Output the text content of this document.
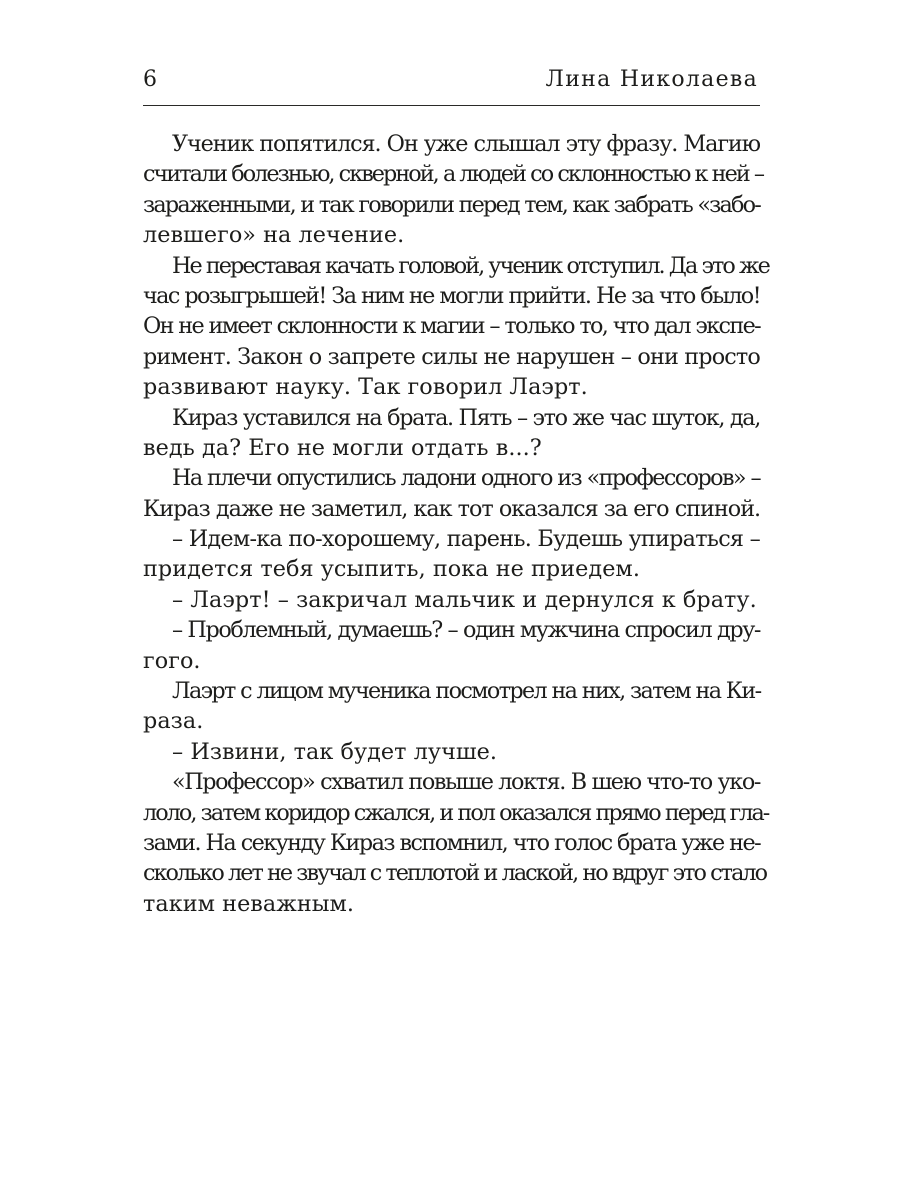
6	Лина Николаева
Ученик попятился. Он уже слышал эту фразу. Магию
считали болезнью, скверной, а людей со склонностью к ней –
зараженными, и так говорили перед тем, как забрать «забо-
левшего» на лечение.
Не переставая качать головой, ученик отступил. Да это же
час розыгрышей! За ним не могли прийти. Не за что было!
Он не имеет склонности к магии – только то, что дал экспе-
римент. Закон о запрете силы не нарушен – они просто
развивают науку. Так говорил Лаэрт.
Кираз уставился на брата. Пять – это же час шуток, да,
ведь да? Его не могли отдать в...?
На плечи опустились ладони одного из «профессоров» –
Кираз даже не заметил, как тот оказался за его спиной.
– Идем-ка по-хорошему, парень. Будешь упираться –
придется тебя усыпить, пока не приедем.
– Лаэрт! – закричал мальчик и дернулся к брату.
– Проблемный, думаешь? – один мужчина спросил дру-
гого.
Лаэрт с лицом мученика посмотрел на них, затем на Ки-
раза.
– Извини, так будет лучше.
«Профессор» схватил повыше локтя. В шею что-то уко-
лоло, затем коридор сжался, и пол оказался прямо перед гла-
зами. На секунду Кираз вспомнил, что голос брата уже не-
сколько лет не звучал с теплотой и лаской, но вдруг это стало
таким неважным.
